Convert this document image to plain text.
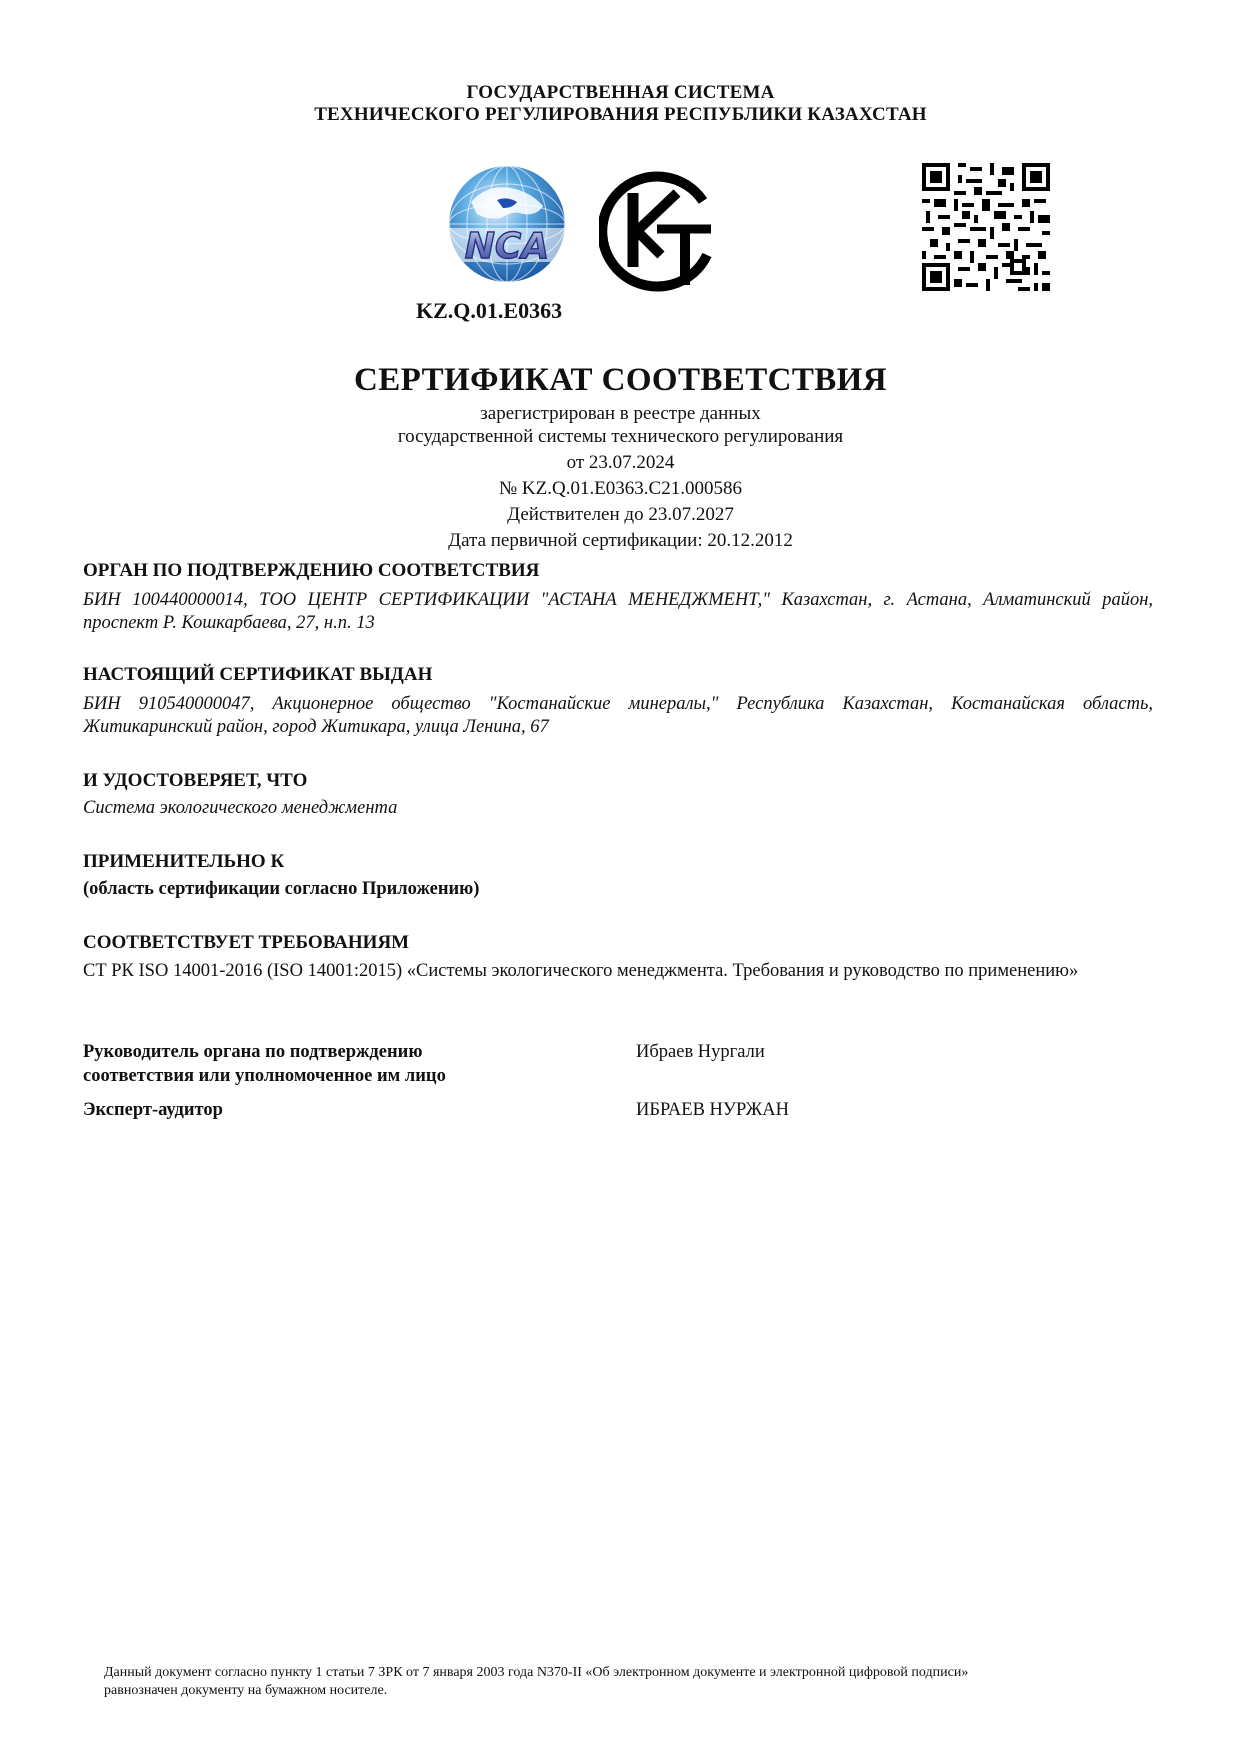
ГОСУДАРСТВЕННАЯ СИСТЕМА
ТЕХНИЧЕСКОГО РЕГУЛИРОВАНИЯ РЕСПУБЛИКИ КАЗАХСТАН
NCA
KZ.Q.01.E0363
СЕРТИФИКАТ СООТВЕТСТВИЯ
зарегистрирован в реестре данных
государственной системы технического регулирования
от 23.07.2024
№ KZ.Q.01.E0363.C21.000586
Действителен до 23.07.2027
Дата первичной сертификации: 20.12.2012
ОРГАН ПО ПОДТВЕРЖДЕНИЮ СООТВЕТСТВИЯ
БИН 100440000014, ТОО ЦЕНТР СЕРТИФИКАЦИИ "АСТАНА МЕНЕДЖМЕНТ," Казахстан, г. Астана, Алматинский район, проспект Р. Кошкарбаева, 27, н.п. 13
НАСТОЯЩИЙ СЕРТИФИКАТ ВЫДАН
БИН 910540000047, Акционерное общество "Костанайские минералы," Республика Казахстан, Костанайская область, Житикаринский район, город Житикара, улица Ленина, 67
И УДОСТОВЕРЯЕТ, ЧТО
Система экологического менеджмента
ПРИМЕНИТЕЛЬНО К
(область сертификации согласно Приложению)
СООТВЕТСТВУЕТ ТРЕБОВАНИЯМ
СТ РК ISO 14001-2016 (ISO 14001:2015) «Системы экологического менеджмента. Требования и руководство по применению»
Руководитель органа по подтверждению
соответствия или уполномоченное им лицо
Ибраев Нургали
Эксперт-аудитор	ИБРАЕВ НУРЖАН
Данный документ согласно пункту 1 статьи 7 ЗРК от 7 января 2003 года N370-II «Об электронном документе и электронной цифровой подписи»
равнозначен документу на бумажном носителе.
